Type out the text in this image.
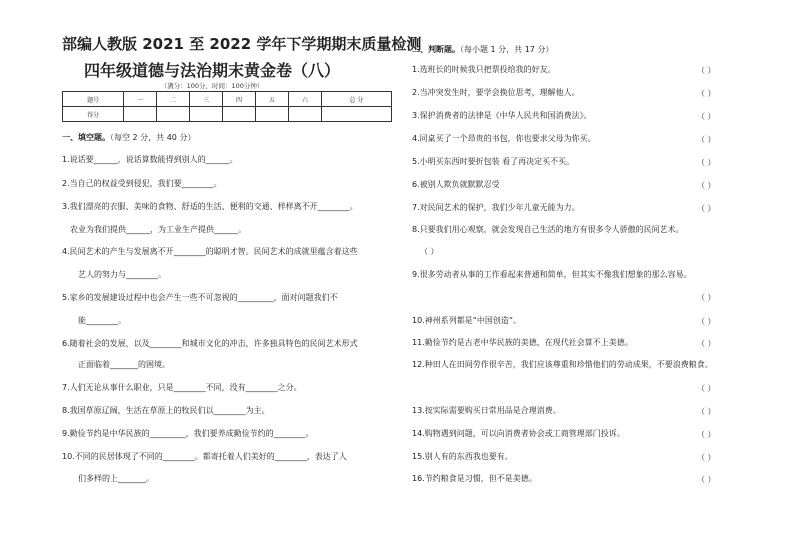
部编人教版 2021 至 2022 学年下学期期末质量检测
四年级道德与法治期末黄金卷（八）
（满分：100分，时间：100分钟）
题号	一	二	三	四	五	六	总 分
得分							
一、填空题。（每空 2 分，共 40 分）
1.说话要______，说话算数能得到别人的______。
2.当自己的权益受到侵犯，我们要________。
3.我们漂亮的衣服、美味的食物、舒适的生活、便利的交通、样样离不开________。
农业为我们提供______，为工业生产提供______。
4.民间艺术的产生与发展离不开________的聪明才智。民间艺术的成就里蕴含着这些
艺人的努力与________。
5.家乡的发展建设过程中也会产生一些不可忽视的_________，面对问题我们不
能________。
6.随着社会的发展，以及________和城市文化的冲击，许多独具特色的民间艺术形式
正面临着_______的困境。
7.人们无论从事什么职业，只是________不同，没有________之分。
8.我国草原辽阔，生活在草原上的牧民们以________为主。
9.勤俭节约是中华民族的_________，我们要养成勤俭节约的________。
10.不同的民居体现了不同的________。都寄托着人们美好的________，表达了人
们多样的上_______。
二、判断题。（每小题 1 分，共 17 分）
1.选班长的时候我只把票投给我的好友。	（ ）
2.当冲突发生时，要学会换位思考，理解他人。	（ ）
3.保护消费者的法律是《中华人民共和国消费法》。	（ ）
4.同桌买了一个昂贵的书包，你也要求父母为你买。	（ ）
5.小明买东西时要折包装 看了再决定买不买。	（ ）
6.被别人欺负就默默忍受	（ ）
7.对民间艺术的保护，我们少年儿童无能为力。	（ ）
8.只要我们用心观察，就会发现自己生活的地方有很多令人骄傲的民间艺术。
（ ）
9.很多劳动者从事的工作看起来普通和简单，但其实不像我们想象的那么容易。
（ ）
10.神州系列都是“中国创造”。	（ ）
11.勤俭节约是古老中华民族的美德，在现代社会算不上美德。	（ ）
12.种田人在田间劳作很辛苦，我们应该尊重和珍惜他们的劳动成果，不要浪费粮食。
（ ）
13.按实际需要购买日常用品是合理消费。	（ ）
14.购物遇到问题，可以向消费者协会或工商管理部门投诉。	（ ）
15.别人有的东西我也要有。	（ ）
16.节约粮食是习惯，但不是美德。	（ ）
